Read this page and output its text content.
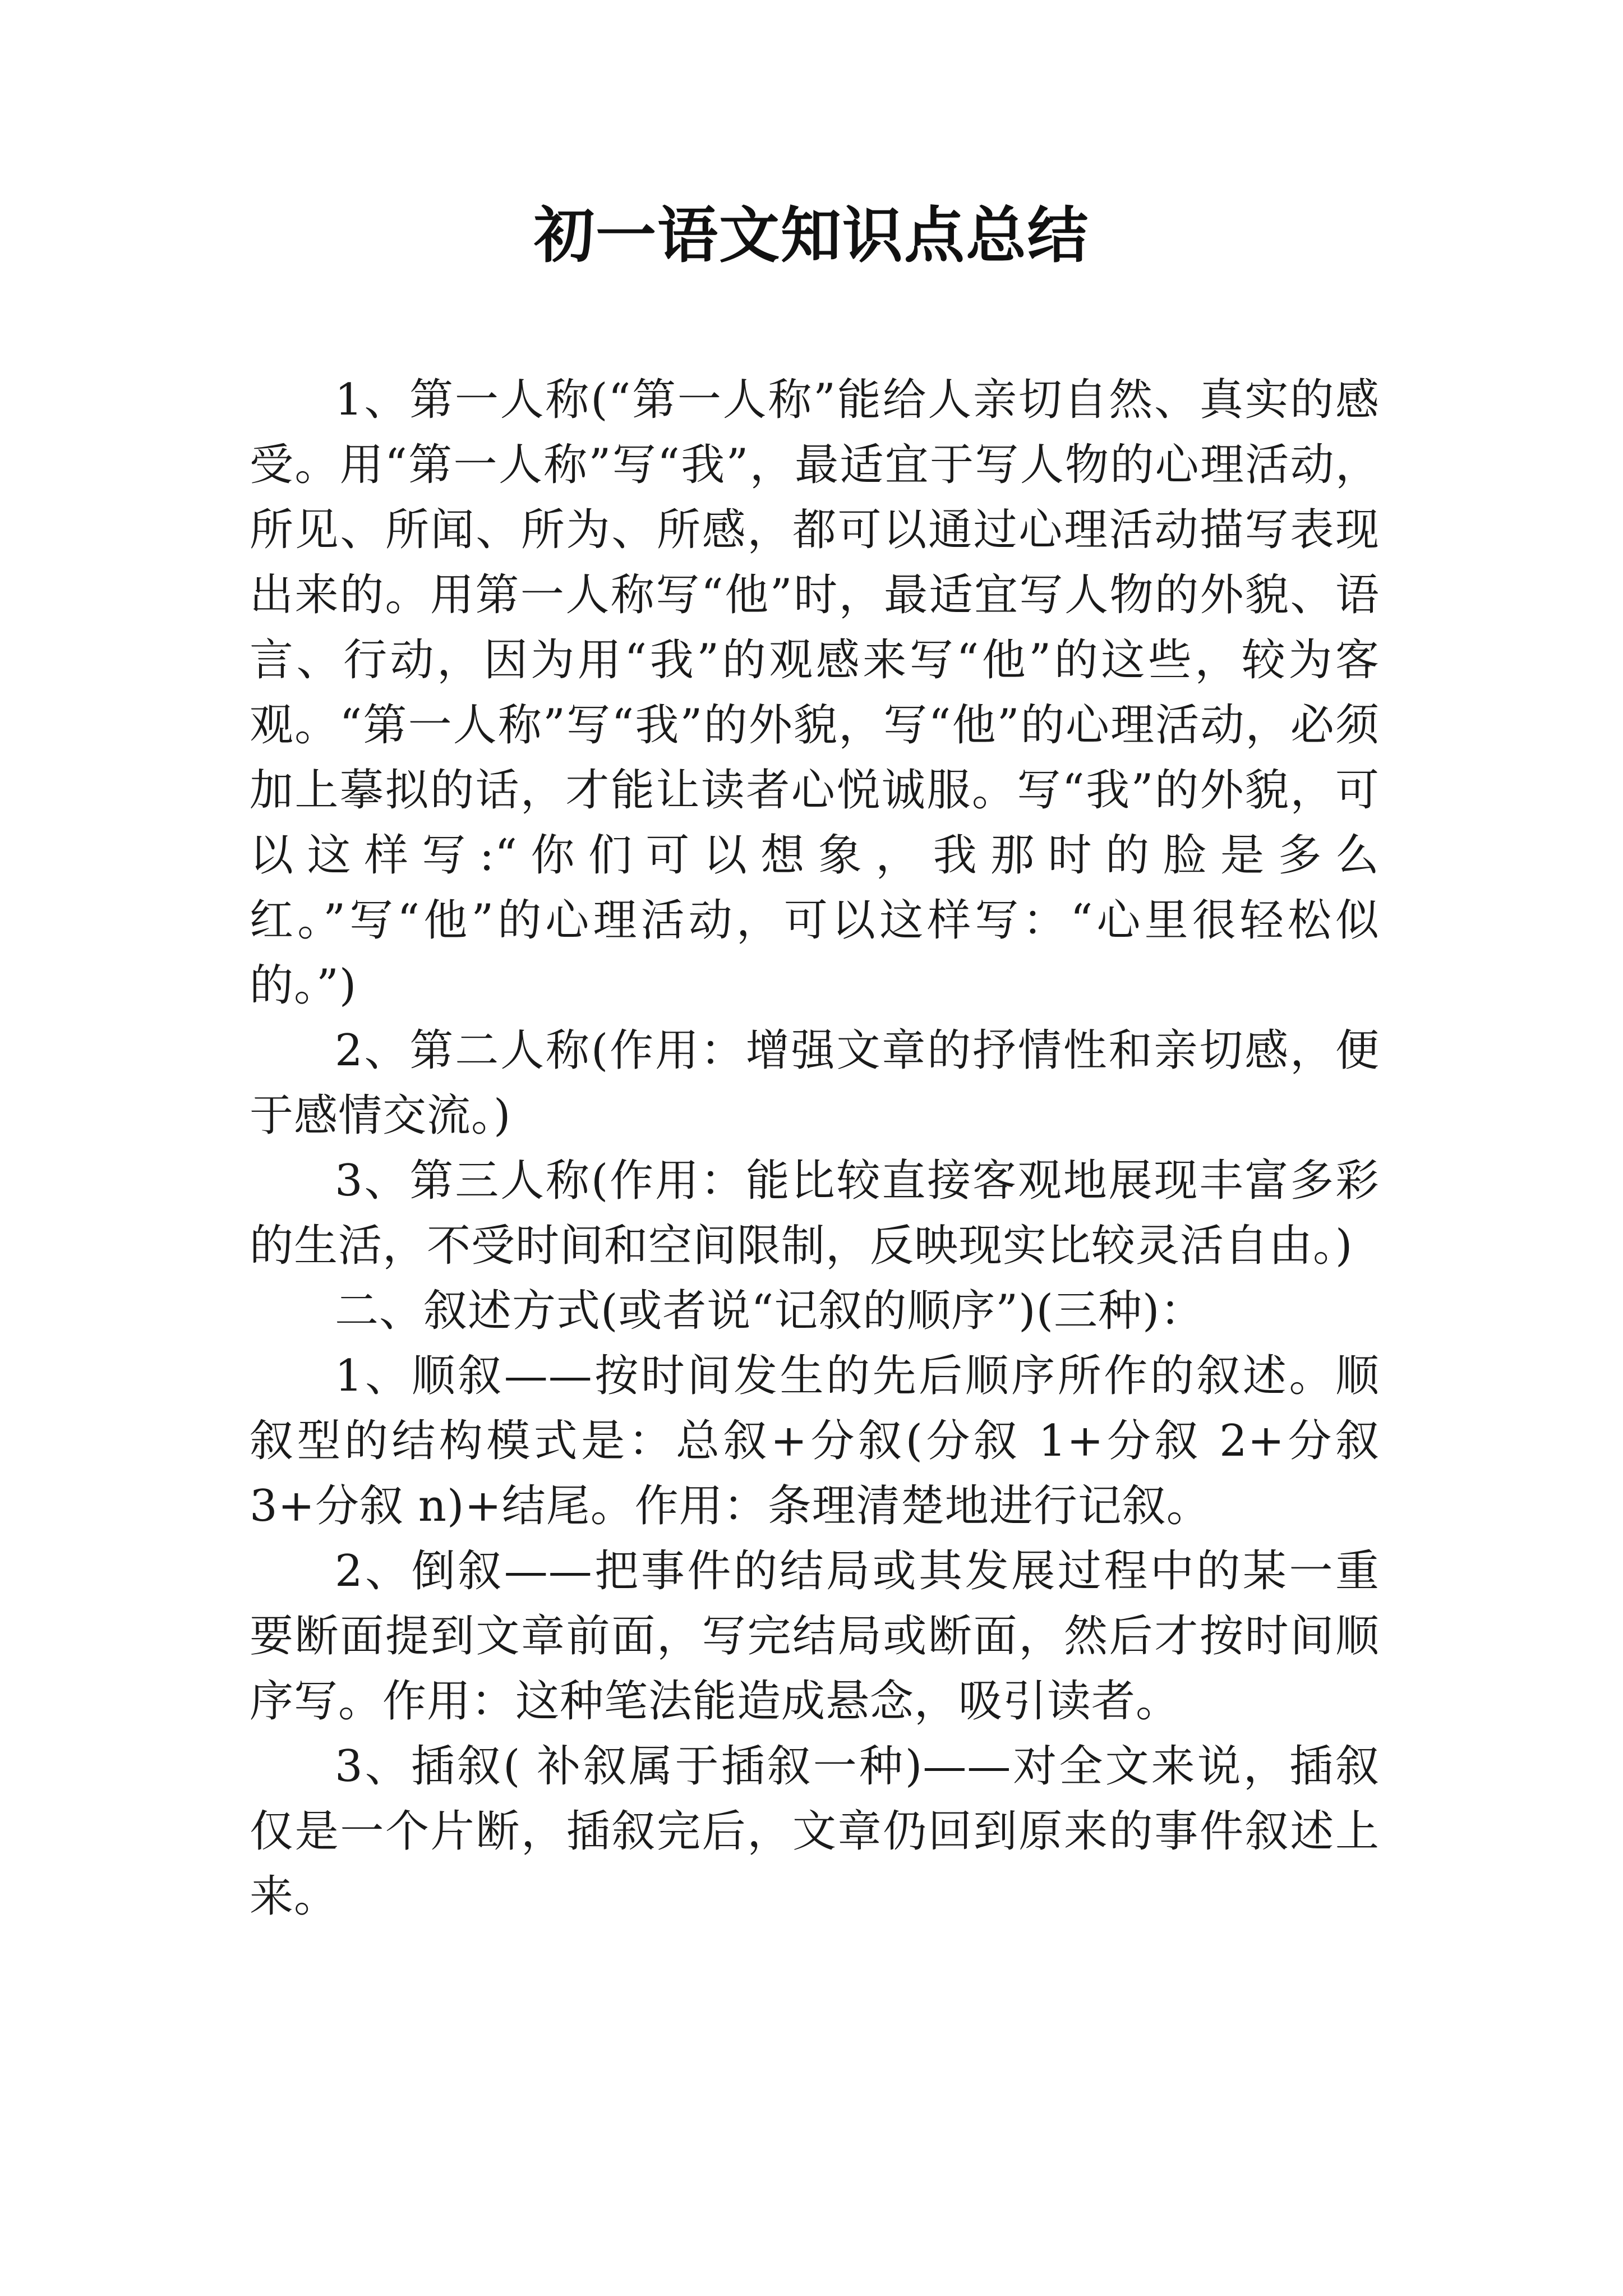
初一语文知识点总结

1、第一人称(“第一人称”能给人亲切自然、真实的感受。用“第一人称”写“我”，最适宜于写人物的心理活动，所见、所闻、所为、所感，都可以通过心理活动描写表现出来的。用第一人称写“他”时，最适宜写人物的外貌、语言、行动，因为用“我”的观感来写“他”的这些，较为客观。“第一人称”写“我”的外貌，写“他”的心理活动，必须加上摹拟的话，才能让读者心悦诚服。写“我”的外貌，可以这样写:“你们可以想象，我那时的脸是多么红。”写“他”的心理活动，可以这样写：“心里很轻松似的。”)

2、第二人称(作用：增强文章的抒情性和亲切感，便于感情交流。)

3、第三人称(作用：能比较直接客观地展现丰富多彩的生活，不受时间和空间限制，反映现实比较灵活自由。)

二、叙述方式(或者说“记叙的顺序”)(三种)：

1、顺叙——按时间发生的先后顺序所作的叙述。顺叙型的结构模式是：总叙+分叙(分叙 1+分叙 2+分叙 3+分叙 n)+结尾。作用：条理清楚地进行记叙。

2、倒叙——把事件的结局或其发展过程中的某一重要断面提到文章前面，写完结局或断面，然后才按时间顺序写。作用：这种笔法能造成悬念，吸引读者。

3、插叙( 补叙属于插叙一种)——对全文来说，插叙仅是一个片断，插叙完后，文章仍回到原来的事件叙述上来。
